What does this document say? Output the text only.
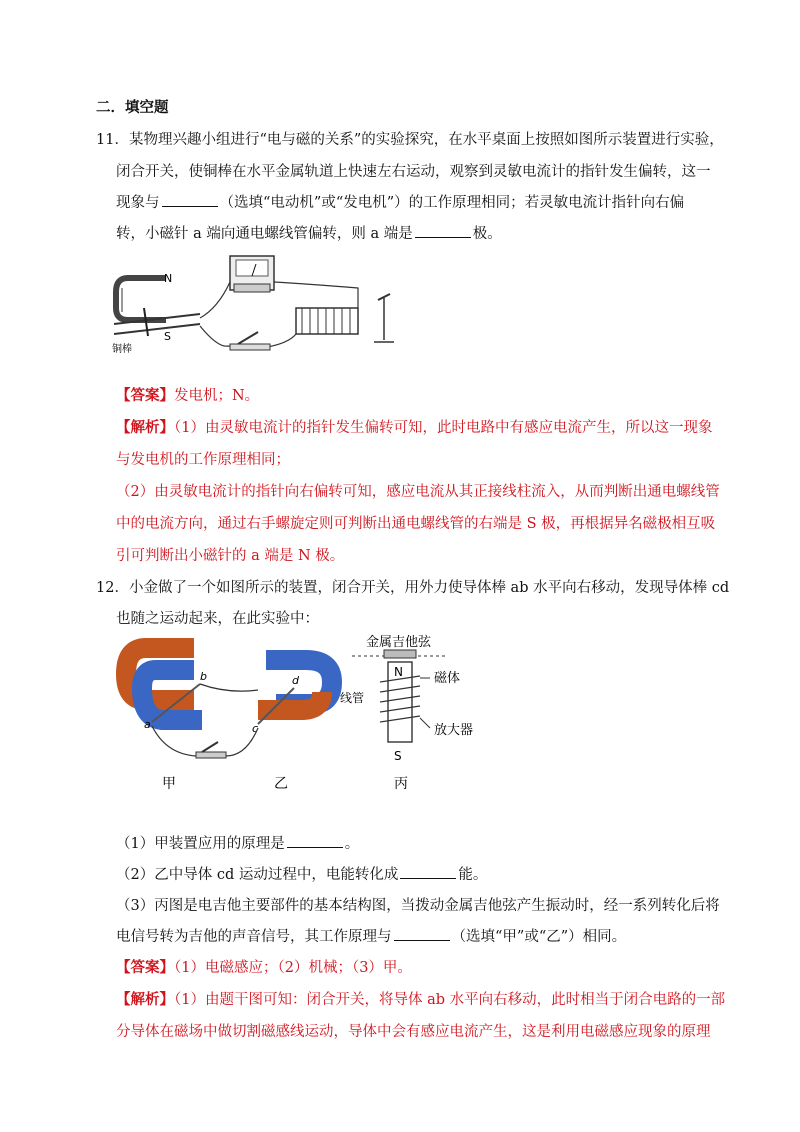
二．填空题
11．某物理兴趣小组进行“电与磁的关系”的实验探究，在水平桌面上按照如图所示装置进行实验，
闭合开关，使铜棒在水平金属轨道上快速左右运动，观察到灵敏电流计的指针发生偏转，这一
现象与	（选填“电动机”或“发电机”）的工作原理相同；若灵敏电流计指针向右偏
转，小磁针 a 端向通电螺线管偏转，则 a 端是	极。
N
S
铜棒
【答案】发电机；N。
【解析】（1）由灵敏电流计的指针发生偏转可知，此时电路中有感应电流产生，所以这一现象
与发电机的工作原理相同；
（2）由灵敏电流计的指针向右偏转可知，感应电流从其正接线柱流入，从而判断出通电螺线管
中的电流方向，通过右手螺旋定则可判断出通电螺线管的右端是 S 极，再根据异名磁极相互吸
引可判断出小磁针的 a 端是 N 极。
12．小金做了一个如图所示的装置，闭合开关，用外力使导体棒 ab 水平向右移动，发现导体棒 cd
也随之运动起来，在此实验中：
a
b
c
d
金属吉他弦
N
S
线管
磁体
放大器
甲	乙	丙
（1）甲装置应用的原理是	。
（2）乙中导体 cd 运动过程中，电能转化成	能。
（3）丙图是电吉他主要部件的基本结构图，当拨动金属吉他弦产生振动时，经一系列转化后将
电信号转为吉他的声音信号，其工作原理与	（选填“甲”或“乙”）相同。
【答案】（1）电磁感应；（2）机械；（3）甲。
【解析】（1）由题干图可知：闭合开关，将导体 ab 水平向右移动，此时相当于闭合电路的一部
分导体在磁场中做切割磁感线运动，导体中会有感应电流产生，这是利用电磁感应现象的原理
